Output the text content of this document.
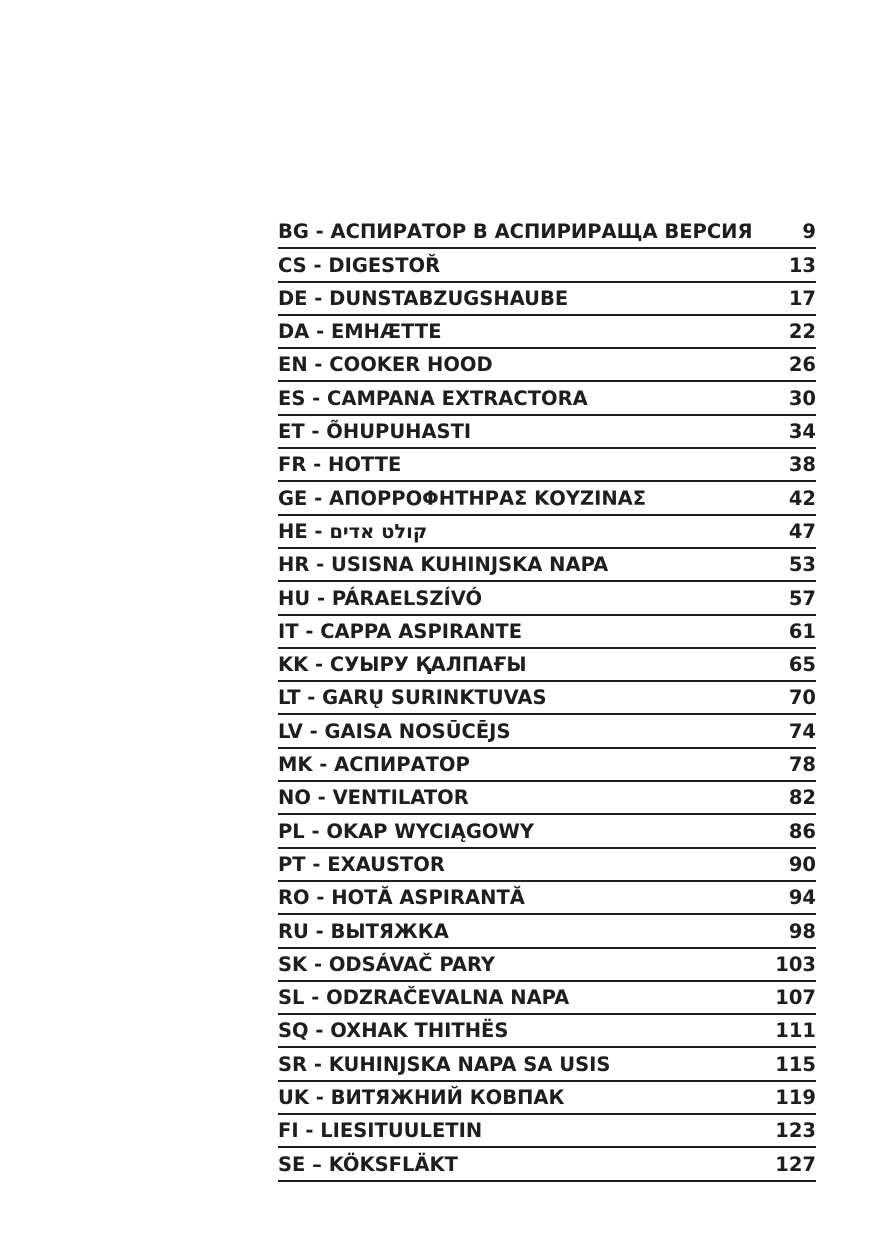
BG - АСПИРАТОР В АСПИРИРАЩА ВЕРСИЯ	9
CS - DIGESTOŘ	13
DE - DUNSTABZUGSHAUBE	17
DA - EMHÆTTE	22
EN - COOKER HOOD	26
ES - CAMPANA EXTRACTORA	30
ET - ÕHUPUHASTI	34
FR - HOTTE	38
GE - ΑΠΟΡΡΟΦΗΤΗΡΑΣ ΚΟΥΖΙΝΑΣ	42
HE - קולט אדים	47
HR - USISNA KUHINJSKA NAPA	53
HU - PÁRAELSZÍVÓ	57
IT - CAPPA ASPIRANTE	61
KK - СУЫРУ ҚАЛПАҒЫ	65
LT - GARŲ SURINKTUVAS	70
LV - GAISA NOSŪCĒJS	74
MK - АСПИРАТОР	78
NO - VENTILATOR	82
PL - OKAP WYCIĄGOWY	86
PT - EXAUSTOR	90
RO - HOTĂ ASPIRANTĂ	94
RU - ВЫТЯЖКА	98
SK - ODSÁVAČ PARY	103
SL - ODZRAČEVALNA NAPA	107
SQ - OXHAK THITHËS	111
SR - KUHINJSKA NAPA SA USIS	115
UK - ВИТЯЖНИЙ КОВПАК	119
FI - LIESITUULETIN	123
SE – KÖKSFLÄKT	127
